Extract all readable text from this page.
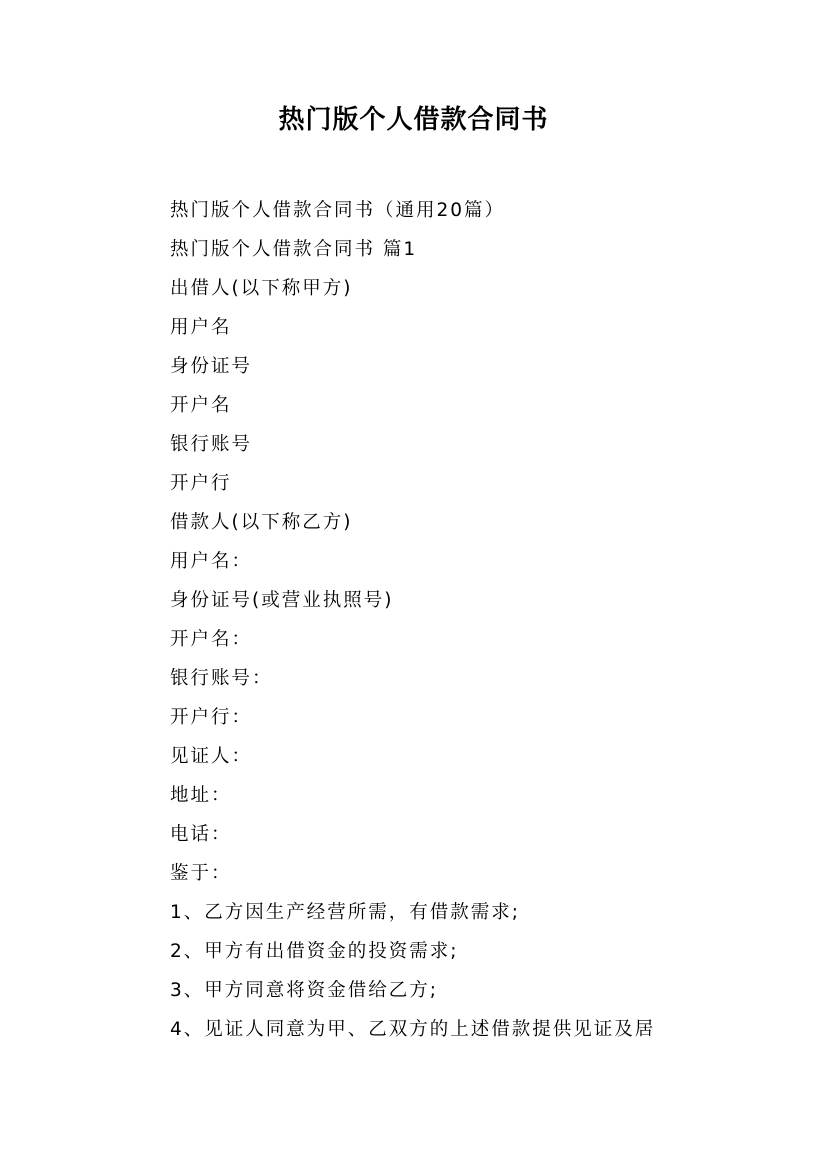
热门版个人借款合同书
热门版个人借款合同书（通用20篇）
热门版个人借款合同书 篇1
出借人(以下称甲方)
用户名
身份证号
开户名
银行账号
开户行
借款人(以下称乙方)
用户名：
身份证号(或营业执照号)
开户名：
银行账号：
开户行：
见证人：
地址：
电话：
鉴于：
1、乙方因生产经营所需，有借款需求;
2、甲方有出借资金的投资需求;
3、甲方同意将资金借给乙方;
4、见证人同意为甲、乙双方的上述借款提供见证及居
